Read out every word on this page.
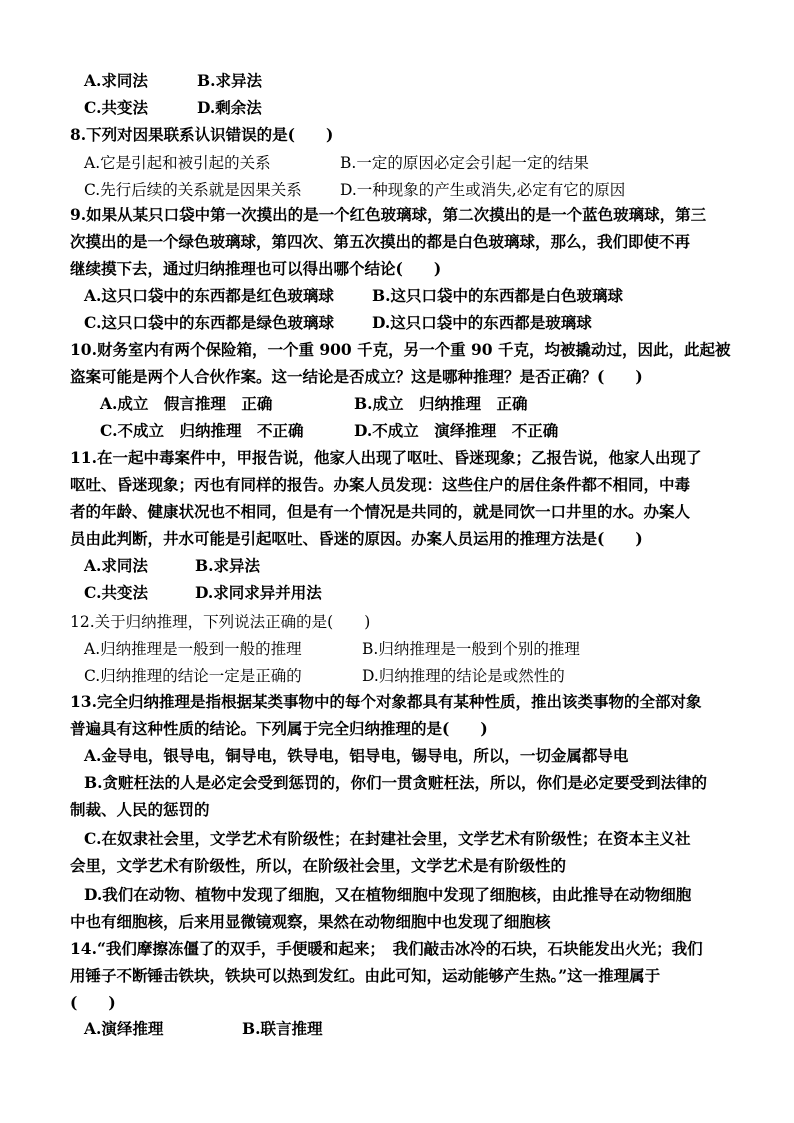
A.求同法	B.求异法
C.共变法	D.剩余法
8.下列对因果联系认识错误的是(　　)
A.它是引起和被引起的关系	B.一定的原因必定会引起一定的结果
C.先行后续的关系就是因果关系 D.一种现象的产生或消失,必定有它的原因
9.如果从某只口袋中第一次摸出的是一个红色玻璃球，第二次摸出的是一个蓝色玻璃球，第三
次摸出的是一个绿色玻璃球，第四次、第五次摸出的都是白色玻璃球，那么，我们即使不再
继续摸下去，通过归纳推理也可以得出哪个结论(　　)
A.这只口袋中的东西都是红色玻璃球 B.这只口袋中的东西都是白色玻璃球
C.这只口袋中的东西都是绿色玻璃球 D.这只口袋中的东西都是玻璃球
10.财务室内有两个保险箱，一个重 900 千克，另一个重 90 千克，均被撬动过，因此，此起被
盗案可能是两个人合伙作案。这一结论是否成立？这是哪种推理？是否正确？(　　)
A.成立　假言推理　正确	B.成立　归纳推理　正确
C.不成立　归纳推理　不正确	D.不成立　演绎推理　不正确
11.在一起中毒案件中，甲报告说，他家人出现了呕吐、昏迷现象；乙报告说，他家人出现了
呕吐、昏迷现象；丙也有同样的报告。办案人员发现：这些住户的居住条件都不相同，中毒
者的年龄、健康状况也不相同，但是有一个情况是共同的，就是同饮一口井里的水。办案人
员由此判断，井水可能是引起呕吐、昏迷的原因。办案人员运用的推理方法是(　　)
A.求同法	B.求异法
C.共变法	D.求同求异并用法
12.关于归纳推理，下列说法正确的是(　　)
A.归纳推理是一般到一般的推理	B.归纳推理是一般到个别的推理
C.归纳推理的结论一定是正确的	D.归纳推理的结论是或然性的
13.完全归纳推理是指根据某类事物中的每个对象都具有某种性质，推出该类事物的全部对象
普遍具有这种性质的结论。下列属于完全归纳推理的是(　　)
A.金导电，银导电，铜导电，铁导电，铝导电，锡导电，所以，一切金属都导电
B.贪赃枉法的人是必定会受到惩罚的，你们一贯贪赃枉法，所以，你们是必定要受到法律的
制裁、人民的惩罚的
C.在奴隶社会里，文学艺术有阶级性；在封建社会里，文学艺术有阶级性；在资本主义社
会里，文学艺术有阶级性，所以，在阶级社会里，文学艺术是有阶级性的
D.我们在动物、植物中发现了细胞，又在植物细胞中发现了细胞核，由此推导在动物细胞
中也有细胞核，后来用显微镜观察，果然在动物细胞中也发现了细胞核
14.“我们摩擦冻僵了的双手，手便暖和起来；　我们敲击冰冷的石块，石块能发出火光；我们
用锤子不断锤击铁块，铁块可以热到发红。由此可知，运动能够产生热。”这一推理属于
(　　)
A.演绎推理	B.联言推理
